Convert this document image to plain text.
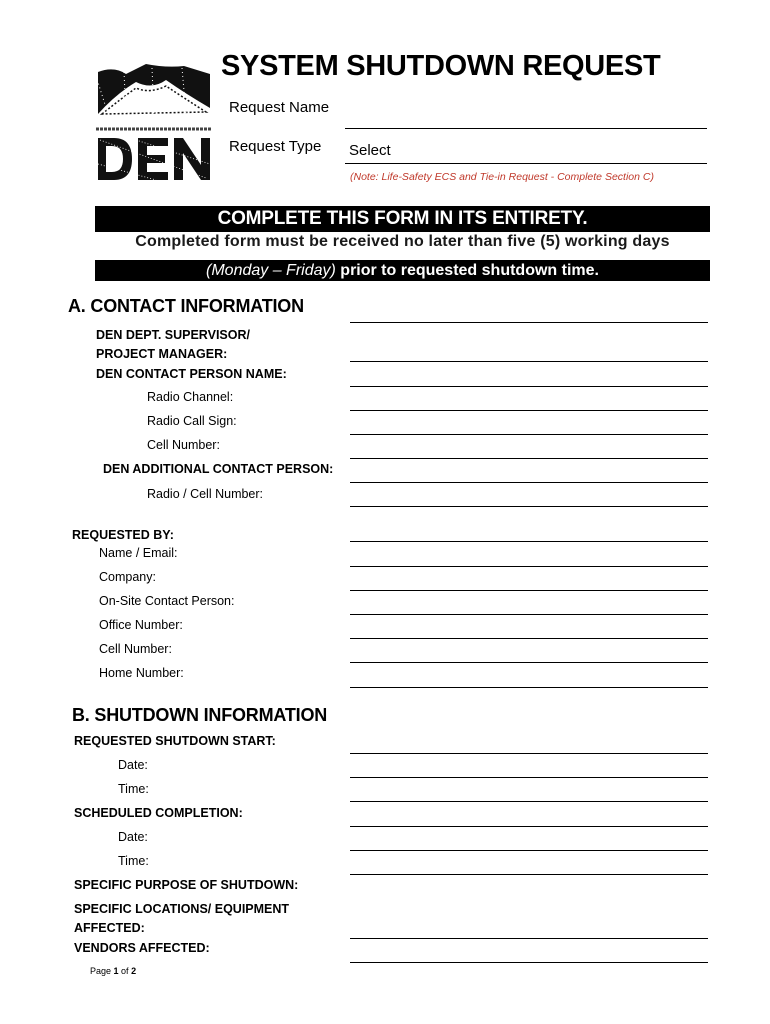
SYSTEM SHUTDOWN REQUEST
Request Name
Request Type Select
(Note: Life-Safety ECS and Tie-in Request - Complete Section C)
COMPLETE THIS FORM IN ITS ENTIRETY.
Completed form must be received no later than five (5) working days
(Monday – Friday) prior to requested shutdown time.
A. CONTACT INFORMATION
DEN DEPT. SUPERVISOR/
PROJECT MANAGER:
DEN CONTACT PERSON NAME:
Radio Channel:
Radio Call Sign:
Cell Number:
DEN ADDITIONAL CONTACT PERSON:
Radio / Cell Number:
REQUESTED BY:
Name / Email:
Company:
On-Site Contact Person:
Office Number:
Cell Number:
Home Number:
B. SHUTDOWN INFORMATION
REQUESTED SHUTDOWN START:
Date:
Time:
SCHEDULED COMPLETION:
Date:
Time:
SPECIFIC PURPOSE OF SHUTDOWN:
SPECIFIC LOCATIONS/ EQUIPMENT
AFFECTED:
VENDORS AFFECTED:
Page 1 of 2
